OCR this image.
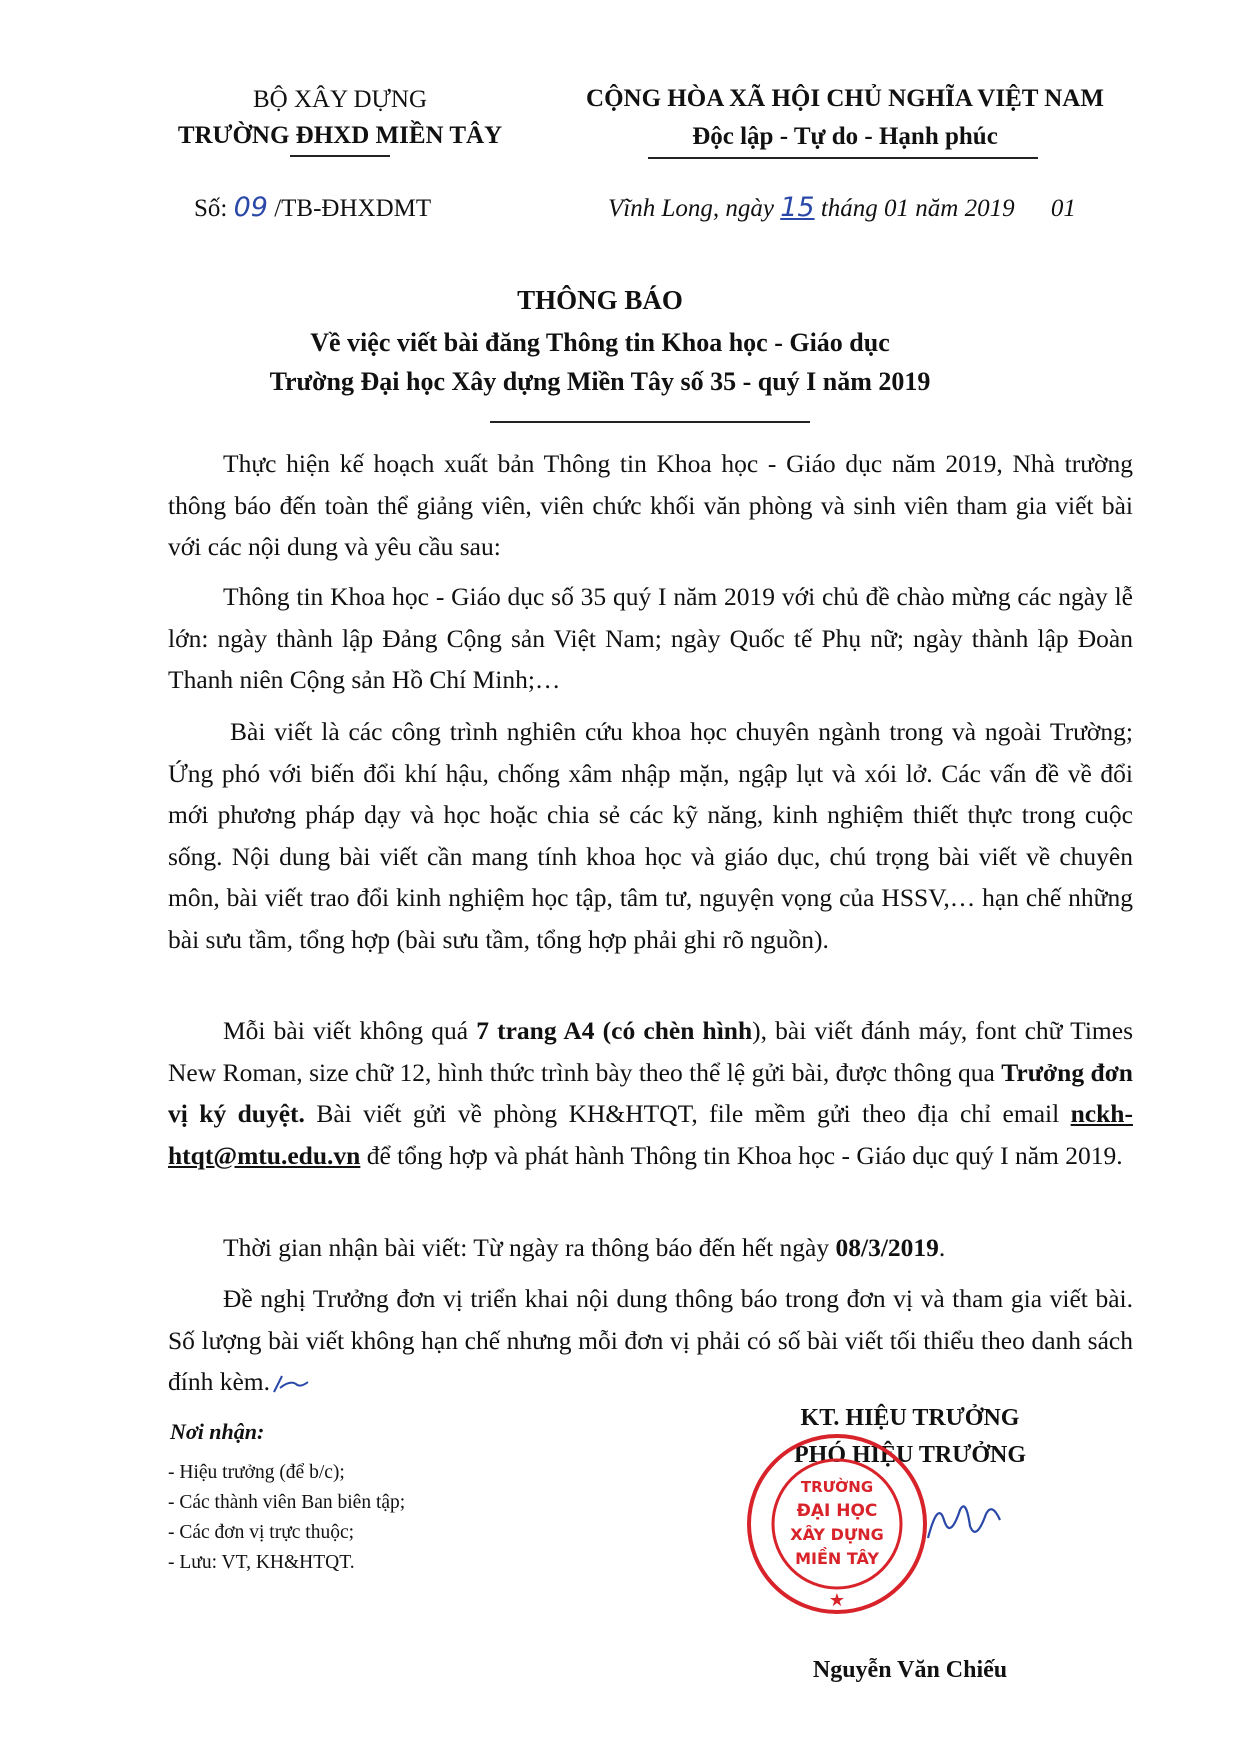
BỘ XÂY DỰNG
TRƯỜNG ĐHXD MIỀN TÂY
CỘNG HÒA XÃ HỘI CHỦ NGHĨA VIỆT NAM
Độc lập - Tự do - Hạnh phúc
Số: 09 /TB-ĐHXDMT	Vĩnh Long, ngày 15 tháng 01 năm 2019 01
THÔNG BÁO
Về việc viết bài đăng Thông tin Khoa học - Giáo dục
Trường Đại học Xây dựng Miền Tây số 35 - quý I năm 2019

Thực hiện kế hoạch xuất bản Thông tin Khoa học - Giáo dục năm 2019, Nhà trường thông báo đến toàn thể giảng viên, viên chức khối văn phòng và sinh viên tham gia viết bài với các nội dung và yêu cầu sau:

Thông tin Khoa học - Giáo dục số 35 quý I năm 2019 với chủ đề chào mừng các ngày lễ lớn: ngày thành lập Đảng Cộng sản Việt Nam; ngày Quốc tế Phụ nữ; ngày thành lập Đoàn Thanh niên Cộng sản Hồ Chí Minh;…

Bài viết là các công trình nghiên cứu khoa học chuyên ngành trong và ngoài Trường; Ứng phó với biến đổi khí hậu, chống xâm nhập mặn, ngập lụt và xói lở. Các vấn đề về đổi mới phương pháp dạy và học hoặc chia sẻ các kỹ năng, kinh nghiệm thiết thực trong cuộc sống. Nội dung bài viết cần mang tính khoa học và giáo dục, chú trọng bài viết về chuyên môn, bài viết trao đổi kinh nghiệm học tập, tâm tư, nguyện vọng của HSSV,… hạn chế những bài sưu tầm, tổng hợp (bài sưu tầm, tổng hợp phải ghi rõ nguồn).

Mỗi bài viết không quá 7 trang A4 (có chèn hình), bài viết đánh máy, font chữ Times New Roman, size chữ 12, hình thức trình bày theo thể lệ gửi bài, được thông qua Trưởng đơn vị ký duyệt. Bài viết gửi về phòng KH&HTQT, file mềm gửi theo địa chỉ email nckh-htqt@mtu.edu.vn để tổng hợp và phát hành Thông tin Khoa học - Giáo dục quý I năm 2019.

Thời gian nhận bài viết: Từ ngày ra thông báo đến hết ngày 08/3/2019.

Đề nghị Trưởng đơn vị triển khai nội dung thông báo trong đơn vị và tham gia viết bài. Số lượng bài viết không hạn chế nhưng mỗi đơn vị phải có số bài viết tối thiểu theo danh sách đính kèm.

Nơi nhận:
- Hiệu trưởng (để b/c);
- Các thành viên Ban biên tập;
- Các đơn vị trực thuộc;
- Lưu: VT, KH&HTQT.
KT. HIỆU TRƯỞNG
PHÓ HIỆU TRƯỞNG
TRƯỜNG
ĐẠI HỌC
XÂY DỰNG
MIỀN TÂY
★
Nguyễn Văn Chiếu
